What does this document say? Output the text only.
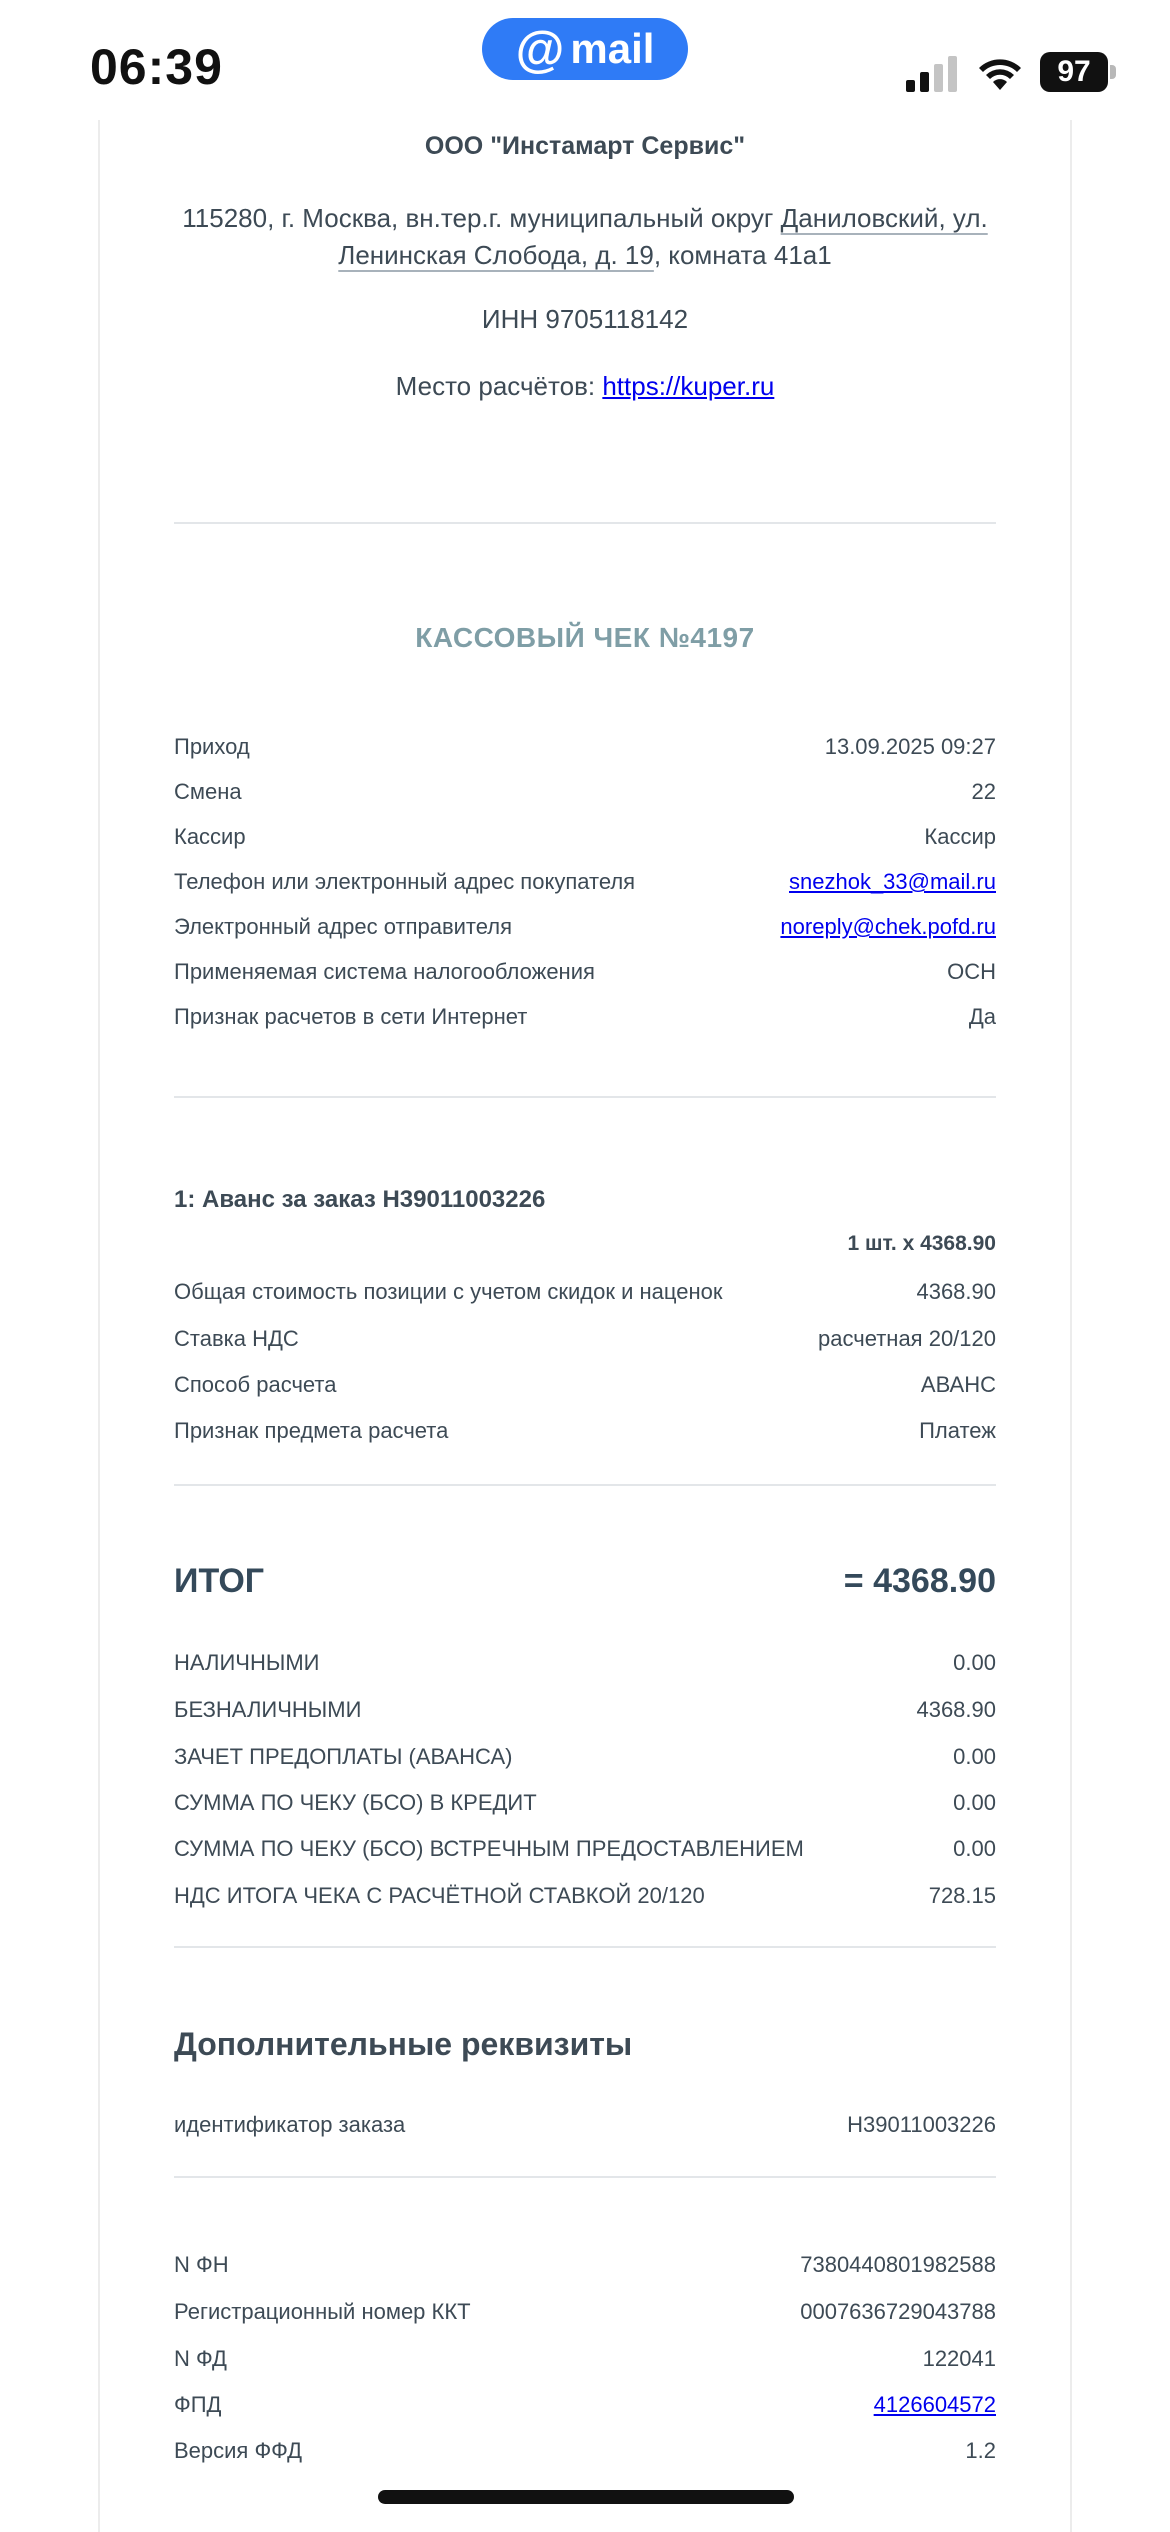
06:39	@ mail	97
ООО "Инстамарт Сервис"
115280, г. Москва, вн.тер.г. муниципальный округ Даниловский, ул. Ленинская Слобода, д. 19, комната 41а1
ИНН 9705118142
Место расчётов: https://kuper.ru
КАССОВЫЙ ЧЕК №4197
Приход	13.09.2025 09:27
Смена	22
Кассир	Кассир
Телефон или электронный адрес покупателя	snezhok_33@mail.ru
Электронный адрес отправителя	noreply@chek.pofd.ru
Применяемая система налогообложения	ОСН
Признак расчетов в сети Интернет	Да
1: Аванс за заказ H39011003226
1 шт. x 4368.90
Общая стоимость позиции с учетом скидок и наценок	4368.90
Ставка НДС	расчетная 20/120
Способ расчета	АВАНС
Признак предмета расчета	Платеж
ИТОГ	= 4368.90
НАЛИЧНЫМИ	0.00
БЕЗНАЛИЧНЫМИ	4368.90
ЗАЧЕТ ПРЕДОПЛАТЫ (АВАНСА)	0.00
СУММА ПО ЧЕКУ (БСО) В КРЕДИТ	0.00
СУММА ПО ЧЕКУ (БСО) ВСТРЕЧНЫМ ПРЕДОСТАВЛЕНИЕМ	0.00
НДС ИТОГА ЧЕКА С РАСЧЁТНОЙ СТАВКОЙ 20/120	728.15
Дополнительные реквизиты
идентификатор заказа	H39011003226
N ФН	7380440801982588
Регистрационный номер ККТ	0007636729043788
N ФД	122041
ФПД	4126604572
Версия ФФД	1.2
